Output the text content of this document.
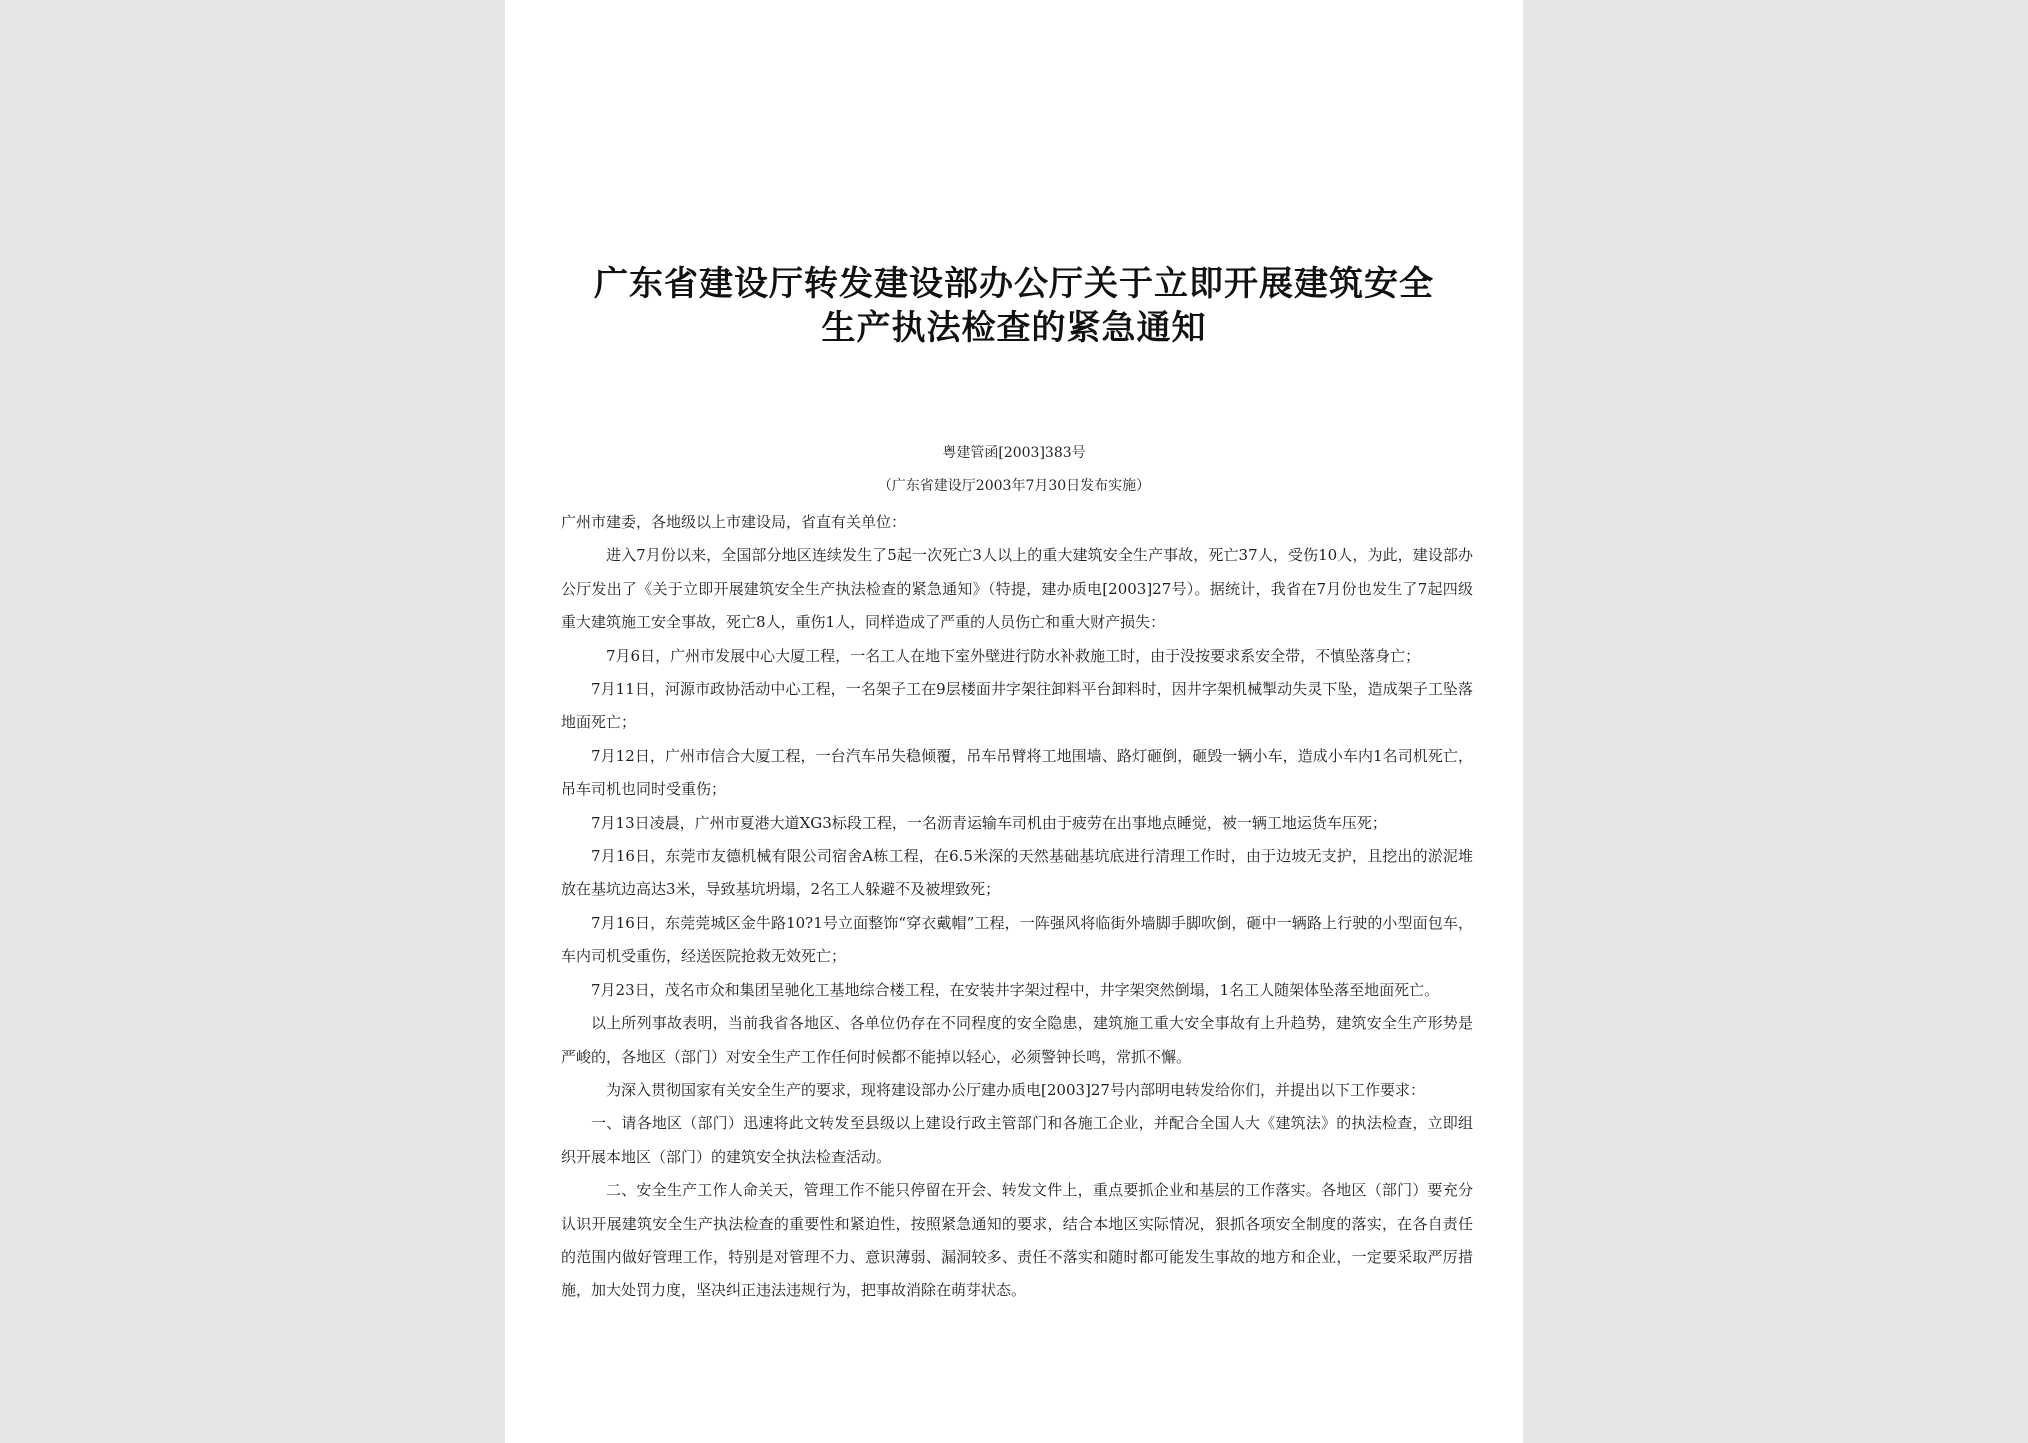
广东省建设厅转发建设部办公厅关于立即开展建筑安全
生产执法检查的紧急通知
粤建管函[2003]383号
（广东省建设厅2003年7月30日发布实施）

广州市建委，各地级以上市建设局，省直有关单位：

进入7月份以来，全国部分地区连续发生了5起一次死亡3人以上的重大建筑安全生产事故，死亡37人，受伤10人，为此，建设部办公厅发出了《关于立即开展建筑安全生产执法检查的紧急通知》（特提，建办质电[2003]27号）。据统计，我省在7月份也发生了7起四级重大建筑施工安全事故，死亡8人，重伤1人，同样造成了严重的人员伤亡和重大财产损失：

7月6日，广州市发展中心大厦工程，一名工人在地下室外壁进行防水补救施工时，由于没按要求系安全带，不慎坠落身亡；

7月11日，河源市政协活动中心工程，一名架子工在9层楼面井字架往卸料平台卸料时，因井字架机械掣动失灵下坠，造成架子工坠落地面死亡；

7月12日，广州市信合大厦工程，一台汽车吊失稳倾覆，吊车吊臂将工地围墙、路灯砸倒，砸毁一辆小车，造成小车内1名司机死亡，吊车司机也同时受重伤；

7月13日凌晨，广州市夏港大道XG3标段工程，一名沥青运输车司机由于疲劳在出事地点睡觉，被一辆工地运货车压死；

7月16日，东莞市友德机械有限公司宿舍A栋工程，在6.5米深的天然基础基坑底进行清理工作时，由于边坡无支护，且挖出的淤泥堆放在基坑边高达3米，导致基坑坍塌，2名工人躲避不及被埋致死；

7月16日，东莞莞城区金牛路10?1号立面整饰“穿衣戴帽”工程，一阵强风将临街外墙脚手脚吹倒，砸中一辆路上行驶的小型面包车，车内司机受重伤，经送医院抢救无效死亡；

7月23日，茂名市众和集团呈驰化工基地综合楼工程，在安装井字架过程中，井字架突然倒塌，1名工人随架体坠落至地面死亡。

以上所列事故表明，当前我省各地区、各单位仍存在不同程度的安全隐患，建筑施工重大安全事故有上升趋势，建筑安全生产形势是严峻的，各地区（部门）对安全生产工作任何时候都不能掉以轻心，必须警钟长鸣，常抓不懈。

为深入贯彻国家有关安全生产的要求，现将建设部办公厅建办质电[2003]27号内部明电转发给你们，并提出以下工作要求：

一、请各地区（部门）迅速将此文转发至县级以上建设行政主管部门和各施工企业，并配合全国人大《建筑法》的执法检查，立即组织开展本地区（部门）的建筑安全执法检查活动。

二、安全生产工作人命关天，管理工作不能只停留在开会、转发文件上，重点要抓企业和基层的工作落实。各地区（部门）要充分认识开展建筑安全生产执法检查的重要性和紧迫性，按照紧急通知的要求，结合本地区实际情况，狠抓各项安全制度的落实，在各自责任的范围内做好管理工作，特别是对管理不力、意识薄弱、漏洞较多、责任不落实和随时都可能发生事故的地方和企业，一定要采取严厉措施，加大处罚力度，坚决纠正违法违规行为，把事故消除在萌芽状态。
